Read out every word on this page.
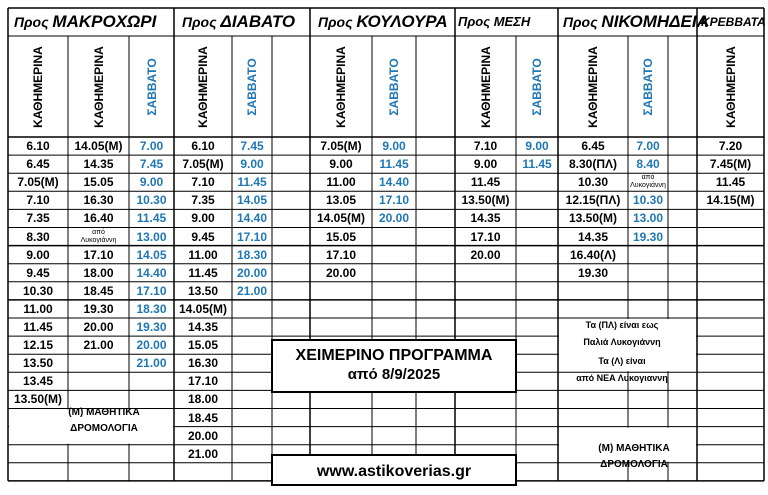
Προς ΜΑΚΡΟΧΩΡΙ Προς ΔΙΑΒΑΤΟ Προς ΚΟΥΛΟΥΡΑ Προς ΜΕΣΗ Προς ΝΙΚΟΜΗΔΕΙΑ
ΚΡΕΒΒΑΤΑ
ΚΑΘΗΜΕΡΙΝΑ
6.10
6.45
7.05(Μ)
7.10
7.35
8.30
9.00
9.45
10.30
11.00
11.45
12.15
13.50
13.45
13.50(Μ)
ΚΑΘΗΜΕΡΙΝΑ
14.05(Μ)
14.35
15.05
16.30
16.40
17.10
18.00
18.45
19.30
20.00
21.00
από Λυκογιάννη
ΣΑΒΒΑΤΟ
7.00
7.45
9.00
10.30
11.45
13.00
14.05
14.40
17.10
18.30
19.30
20.00
21.00
ΚΑΘΗΜΕΡΙΝΑ
6.10
7.05(Μ)
7.10
7.35
9.00
9.45
11.00
11.45
13.50
14.05(Μ)
14.35
15.05
16.30
17.10
18.00
18.45
20.00
21.00
ΣΑΒΒΑΤΟ
7.45
9.00
11.45
14.05
14.40
17.10
18.30
20.00
21.00
ΚΑΘΗΜΕΡΙΝΑ
7.05(Μ)
9.00
11.00
13.05
14.05(Μ)
15.05
17.10
20.00
ΣΑΒΒΑΤΟ
9.00
11.45
14.40
17.10
20.00
ΚΑΘΗΜΕΡΙΝΑ
7.10
9.00
11.45
13.50(Μ)
14.35
17.10
20.00
ΣΑΒΒΑΤΟ
9.00
11.45
ΚΑΘΗΜΕΡΙΝΑ
6.45
8.30(ΠΛ)
10.30
12.15(ΠΛ)
13.50(Μ)
14.35
16.40(Λ)
19.30
ΣΑΒΒΑΤΟ
7.00
8.40
10.30
13.00
19.30
από Λυκογιάννη
ΚΑΘΗΜΕΡΙΝΑ
7.20
7.45(Μ)
11.45
14.15(Μ)
(Μ) ΜΑΘΗΤΙΚΑ
ΔΡΟΜΟΛΟΓΙΑ
Τα (ΠΛ) είναι εως
Παλιά Λυκογιάννη
Τα (Λ) είναι
από ΝΕΑ Λυκογιαννη
(Μ) ΜΑΘΗΤΙΚΑ
ΔΡΟΜΟΛΟΓΙΑ
ΧΕΙΜΕΡΙΝΟ ΠΡΟΓΡΑΜΜΑ
από 8/9/2025
www.astikoverias.gr
